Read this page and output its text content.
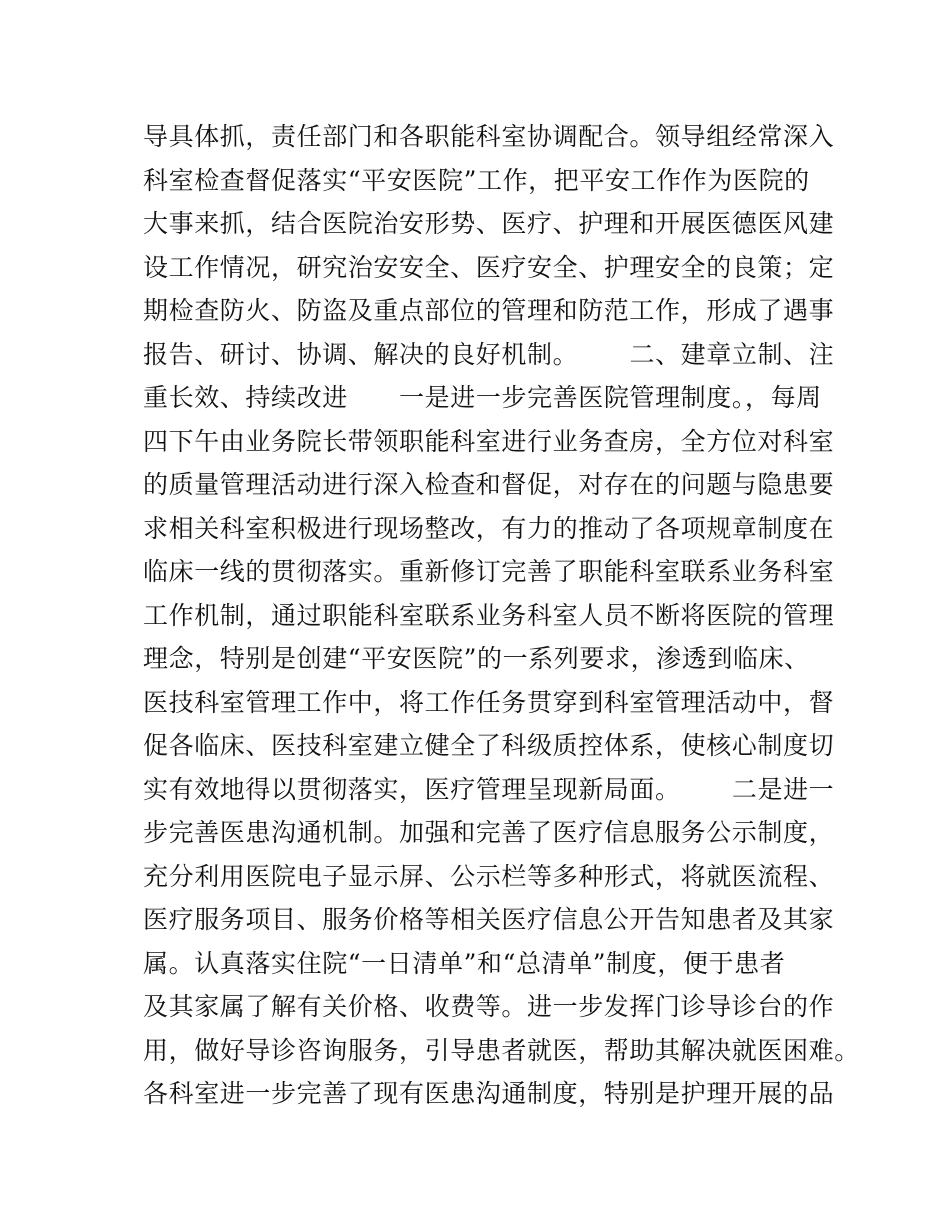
导具体抓，责任部门和各职能科室协调配合。领导组经常深入
科室检查督促落实“平安医院”工作，把平安工作作为医院的
大事来抓，结合医院治安形势、医疗、护理和开展医德医风建
设工作情况，研究治安安全、医疗安全、护理安全的良策；定
期检查防火、防盗及重点部位的管理和防范工作，形成了遇事
报告、研讨、协调、解决的良好机制。      二、建章立制、注
重长效、持续改进      一是进一步完善医院管理制度。，每周
四下午由业务院长带领职能科室进行业务查房，全方位对科室
的质量管理活动进行深入检查和督促，对存在的问题与隐患要
求相关科室积极进行现场整改，有力的推动了各项规章制度在
临床一线的贯彻落实。重新修订完善了职能科室联系业务科室
工作机制，通过职能科室联系业务科室人员不断将医院的管理
理念，特别是创建“平安医院”的一系列要求，渗透到临床、
医技科室管理工作中，将工作任务贯穿到科室管理活动中，督
促各临床、医技科室建立健全了科级质控体系，使核心制度切
实有效地得以贯彻落实，医疗管理呈现新局面。      二是进一
步完善医患沟通机制。加强和完善了医疗信息服务公示制度，
充分利用医院电子显示屏、公示栏等多种形式，将就医流程、
医疗服务项目、服务价格等相关医疗信息公开告知患者及其家
属。认真落实住院“一日清单”和“总清单”制度，便于患者
及其家属了解有关价格、收费等。进一步发挥门诊导诊台的作
用，做好导诊咨询服务，引导患者就医，帮助其解决就医困难。
各科室进一步完善了现有医患沟通制度，特别是护理开展的品
